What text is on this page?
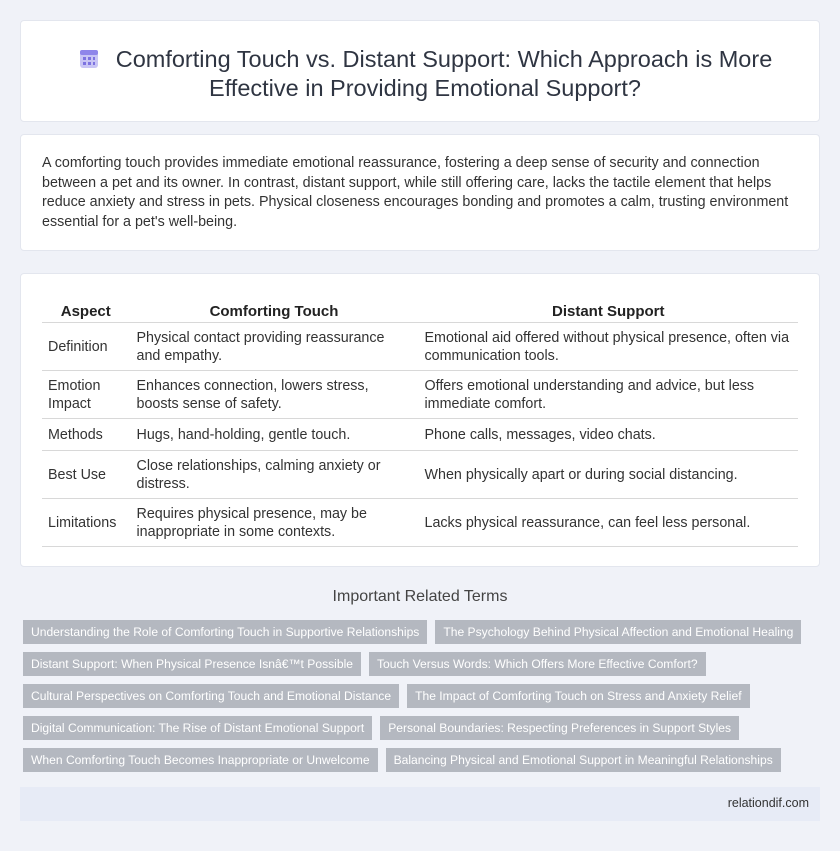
Comforting Touch vs. Distant Support: Which Approach is More Effective in Providing Emotional Support?

A comforting touch provides immediate emotional reassurance, fostering a deep sense of security and connection between a pet and its owner. In contrast, distant support, while still offering care, lacks the tactile element that helps reduce anxiety and stress in pets. Physical closeness encourages bonding and promotes a calm, trusting environment essential for a pet's well-being.

Aspect	Comforting Touch	Distant Support
Definition	Physical contact providing reassurance and empathy.	Emotional aid offered without physical presence, often via communication tools.
Emotion Impact	Enhances connection, lowers stress, boosts sense of safety.	Offers emotional understanding and advice, but less immediate comfort.
Methods	Hugs, hand-holding, gentle touch.	Phone calls, messages, video chats.
Best Use	Close relationships, calming anxiety or distress.	When physically apart or during social distancing.
Limitations	Requires physical presence, may be inappropriate in some contexts.	Lacks physical reassurance, can feel less personal.
Important Related Terms
Understanding the Role of Comforting Touch in Supportive Relationships	The Psychology Behind Physical Affection and Emotional Healing
Distant Support: When Physical Presence Isnâ€™t Possible	Touch Versus Words: Which Offers More Effective Comfort?
Cultural Perspectives on Comforting Touch and Emotional Distance	The Impact of Comforting Touch on Stress and Anxiety Relief
Digital Communication: The Rise of Distant Emotional Support	Personal Boundaries: Respecting Preferences in Support Styles
When Comforting Touch Becomes Inappropriate or Unwelcome	Balancing Physical and Emotional Support in Meaningful Relationships
relationdif.com
